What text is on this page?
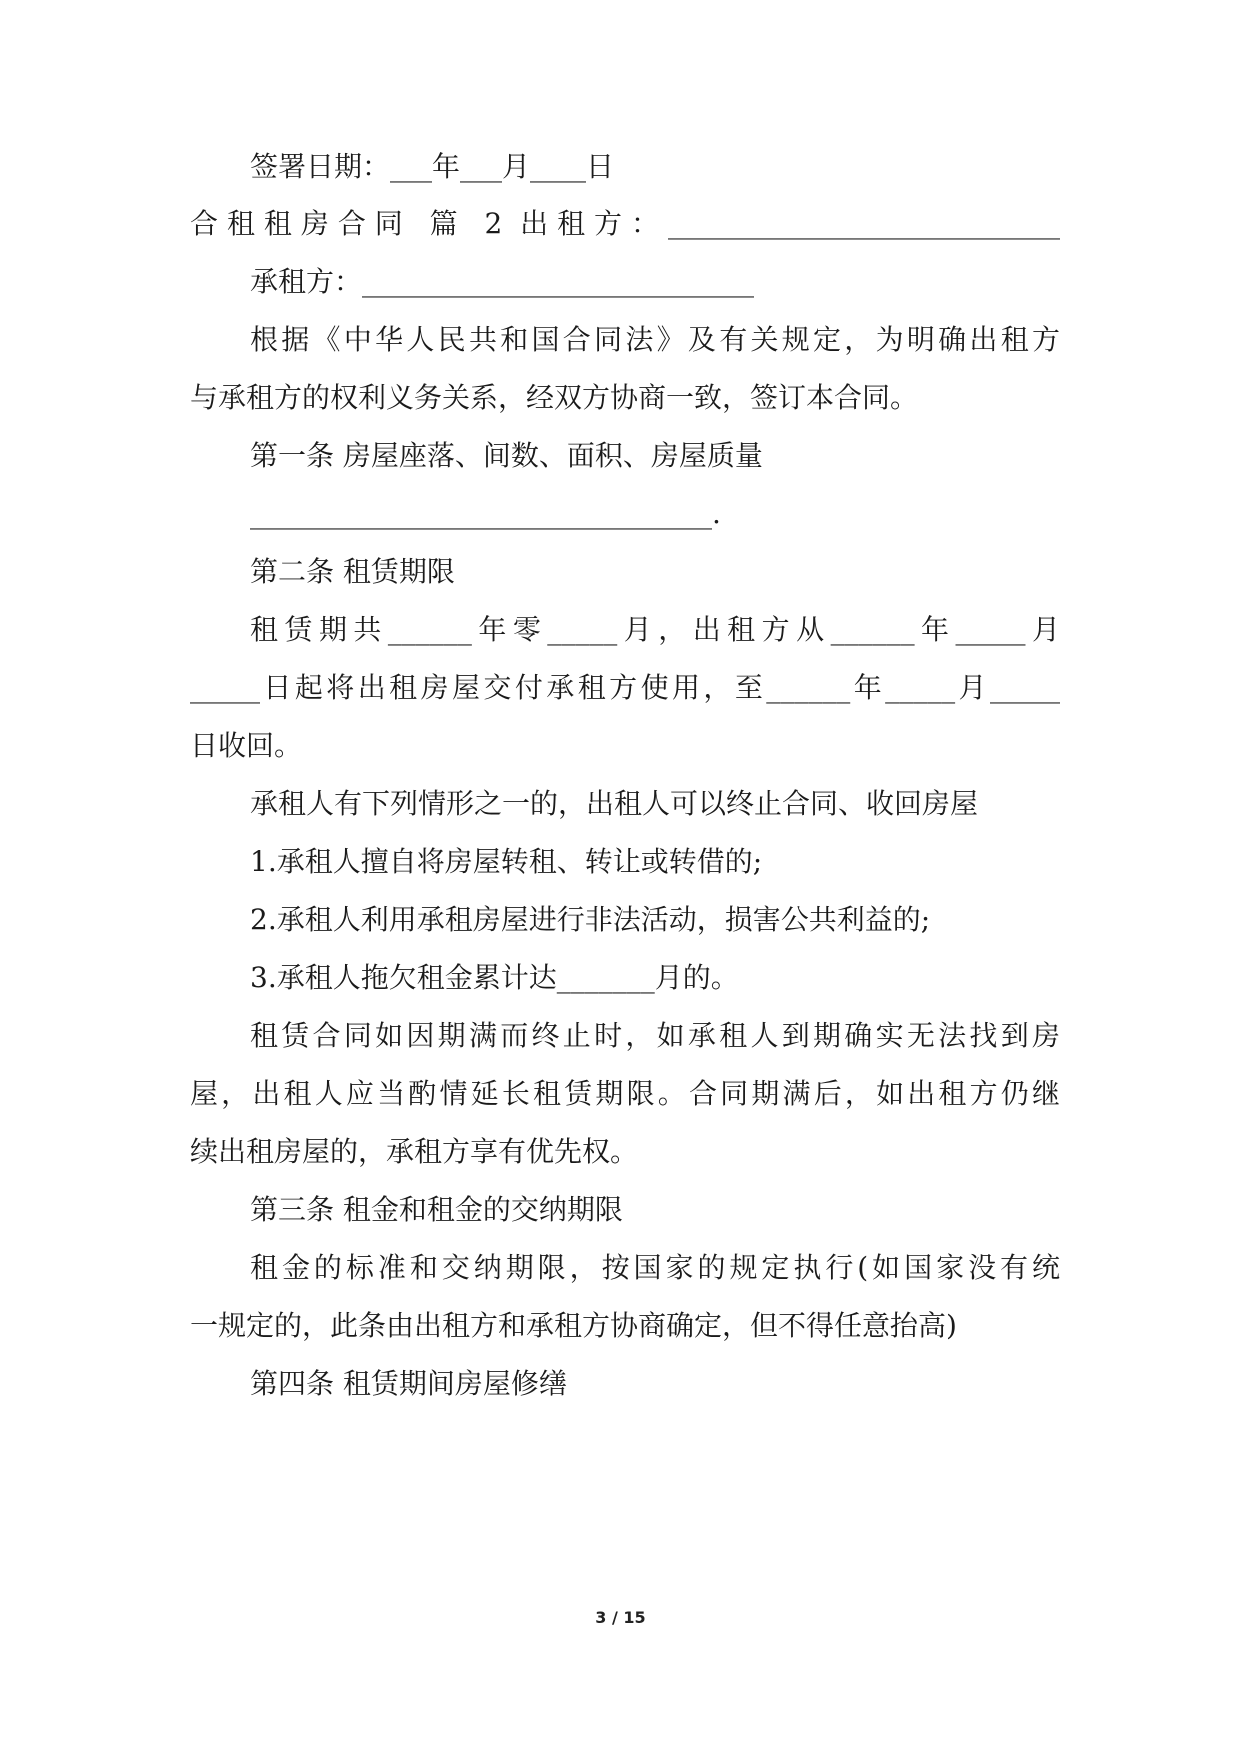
签署日期：___年___月____日
合租租房合同 篇 2 出租方：____________________________
承租方：____________________________
根据《中华人民共和国合同法》及有关规定，为明确出租方
与承租方的权利义务关系，经双方协商一致，签订本合同。
第一条 房屋座落、间数、面积、房屋质量
_________________________________.
第二条 租赁期限
租赁期共______年零_____月，出租方从______年_____月
_____日起将出租房屋交付承租方使用，至______年_____月_____
日收回。
承租人有下列情形之一的，出租人可以终止合同、收回房屋
1.承租人擅自将房屋转租、转让或转借的;
2.承租人利用承租房屋进行非法活动，损害公共利益的;
3.承租人拖欠租金累计达_______月的。
租赁合同如因期满而终止时，如承租人到期确实无法找到房
屋，出租人应当酌情延长租赁期限。合同期满后，如出租方仍继
续出租房屋的，承租方享有优先权。
第三条 租金和租金的交纳期限
租金的标准和交纳期限，按国家的规定执行(如国家没有统
一规定的，此条由出租方和承租方协商确定，但不得任意抬高)
第四条 租赁期间房屋修缮
3 / 15
